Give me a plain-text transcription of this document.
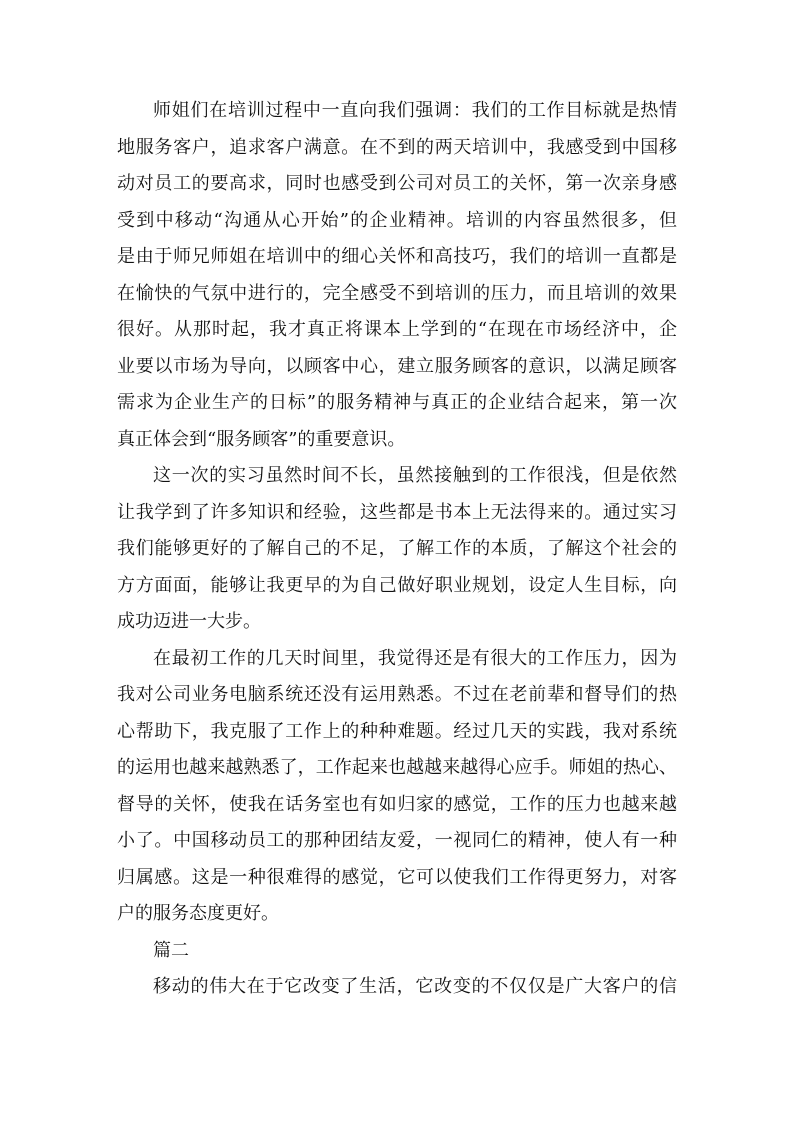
师姐们在培训过程中一直向我们强调：我们的工作目标就是热情
地服务客户，追求客户满意。在不到的两天培训中，我感受到中国移
动对员工的要高求，同时也感受到公司对员工的关怀，第一次亲身感
受到中移动“沟通从心开始”的企业精神。培训的内容虽然很多，但
是由于师兄师姐在培训中的细心关怀和高技巧，我们的培训一直都是
在愉快的气氛中进行的，完全感受不到培训的压力，而且培训的效果
很好。从那时起，我才真正将课本上学到的“在现在市场经济中，企
业要以市场为导向，以顾客中心，建立服务顾客的意识，以满足顾客
需求为企业生产的日标”的服务精神与真正的企业结合起来，第一次
真正体会到“服务顾客”的重要意识。
这一次的实习虽然时间不长，虽然接触到的工作很浅，但是依然
让我学到了许多知识和经验，这些都是书本上无法得来的。通过实习
我们能够更好的了解自己的不足，了解工作的本质，了解这个社会的
方方面面，能够让我更早的为自己做好职业规划，设定人生目标，向
成功迈进一大步。
在最初工作的几天时间里，我觉得还是有很大的工作压力，因为
我对公司业务电脑系统还没有运用熟悉。不过在老前辈和督导们的热
心帮助下，我克服了工作上的种种难题。经过几天的实践，我对系统
的运用也越来越熟悉了，工作起来也越越来越得心应手。师姐的热心、
督导的关怀，使我在话务室也有如归家的感觉，工作的压力也越来越
小了。中国移动员工的那种团结友爱，一视同仁的精神，使人有一种
归属感。这是一种很难得的感觉，它可以使我们工作得更努力，对客
户的服务态度更好。
篇二
移动的伟大在于它改变了生活，它改变的不仅仅是广大客户的信
